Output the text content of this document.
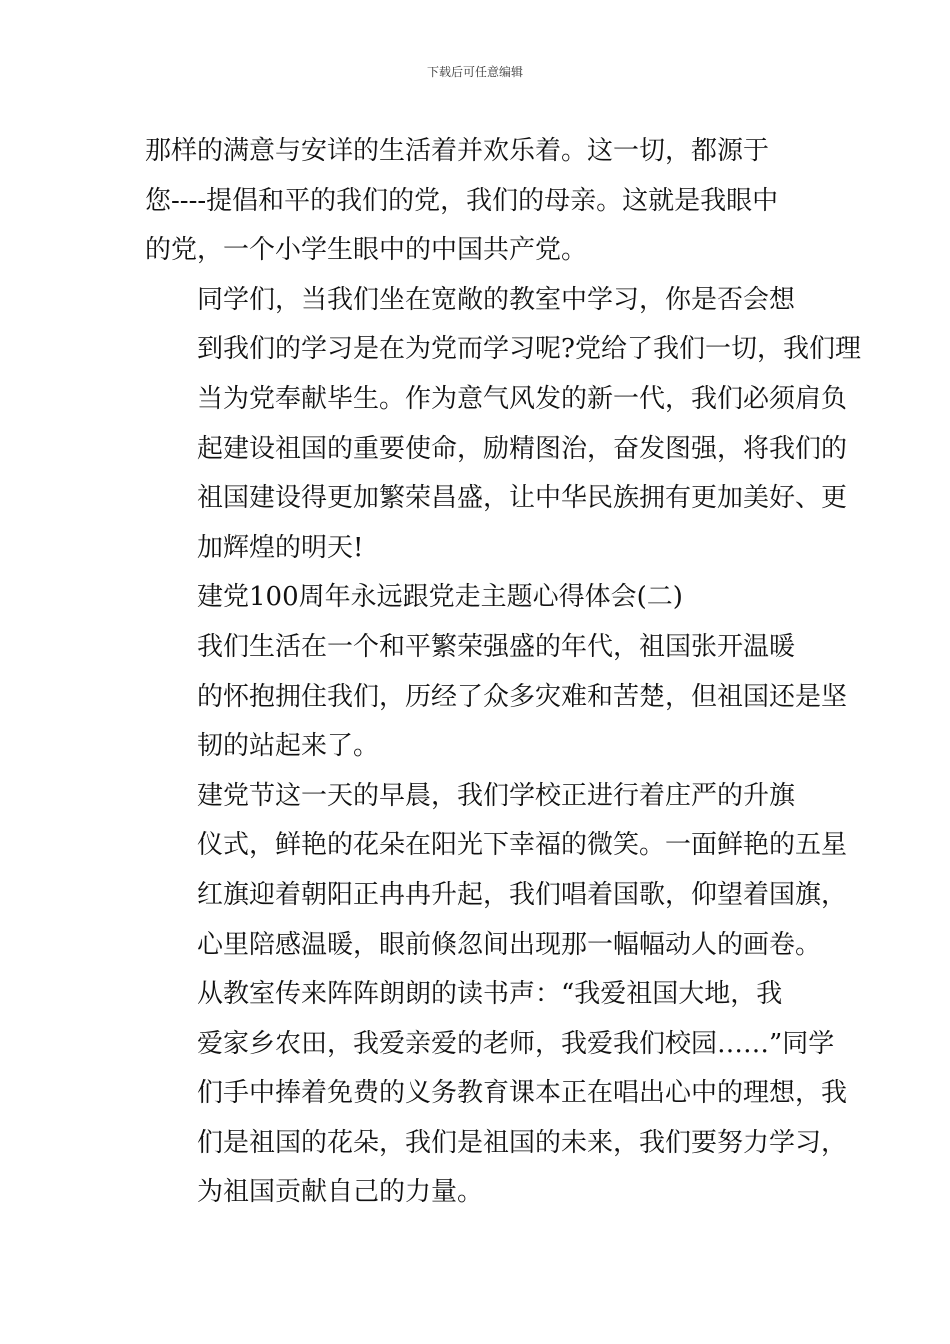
下载后可任意编辑

那样的满意与安详的生活着并欢乐着。这一切，都源于
您----提倡和平的我们的党，我们的母亲。这就是我眼中
的党，一个小学生眼中的中国共产党。

同学们，当我们坐在宽敞的教室中学习，你是否会想
到我们的学习是在为党而学习呢?党给了我们一切，我们理
当为党奉献毕生。作为意气风发的新一代，我们必须肩负
起建设祖国的重要使命，励精图治，奋发图强，将我们的
祖国建设得更加繁荣昌盛，让中华民族拥有更加美好、更
加辉煌的明天!

建党100周年永远跟党走主题心得体会(二)

我们生活在一个和平繁荣强盛的年代，祖国张开温暖
的怀抱拥住我们，历经了众多灾难和苦楚，但祖国还是坚
韧的站起来了。

建党节这一天的早晨，我们学校正进行着庄严的升旗
仪式，鲜艳的花朵在阳光下幸福的微笑。一面鲜艳的五星
红旗迎着朝阳正冉冉升起，我们唱着国歌，仰望着国旗，
心里陪感温暖，眼前倏忽间出现那一幅幅动人的画卷。

从教室传来阵阵朗朗的读书声：“我爱祖国大地，我
爱家乡农田，我爱亲爱的老师，我爱我们校园……”同学
们手中捧着免费的义务教育课本正在唱出心中的理想，我
们是祖国的花朵，我们是祖国的未来，我们要努力学习，
为祖国贡献自己的力量。
